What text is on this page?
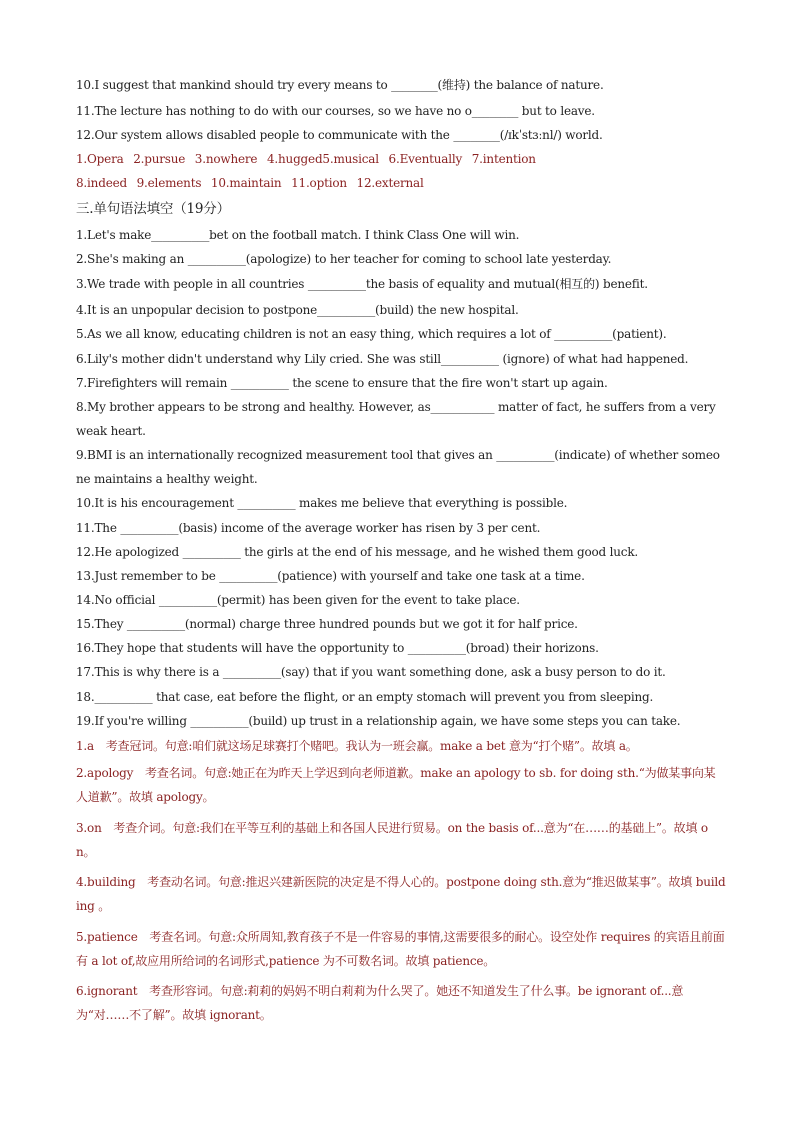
10.I suggest that mankind should try every means to ________(维持) the balance of nature.
11.The lecture has nothing to do with our courses, so we have no o________ but to leave.
12.Our system allows disabled people to communicate with the ________(/ɪkˈstɜːnl/) world.
1.Opera 2.pursue 3.nowhere 4.hugged5.musical 6.Eventually 7.intention
8.indeed 9.elements 10.maintain 11.option 12.external
三.单句语法填空（19分）
1.Let's make__________bet on the football match. I think Class One will win.
2.She's making an __________(apologize) to her teacher for coming to school late yesterday.
3.We trade with people in all countries __________the basis of equality and mutual(相互的) benefit.
4.It is an unpopular decision to postpone__________(build) the new hospital.
5.As we all know, educating children is not an easy thing, which requires a lot of __________(patient).
6.Lily's mother didn't understand why Lily cried. She was still__________ (ignore) of what had happened.
7.Firefighters will remain __________ the scene to ensure that the fire won't start up again.
8.My brother appears to be strong and healthy. However, as___________ matter of fact, he suffers from a very weak heart.
9.BMI is an internationally recognized measurement tool that gives an __________(indicate) of whether someone maintains a healthy weight.
10.It is his encouragement __________ makes me believe that everything is possible.
11.The __________(basis) income of the average worker has risen by 3 per cent.
12.He apologized __________ the girls at the end of his message, and he wished them good luck.
13.Just remember to be __________(patience) with yourself and take one task at a time.
14.No official __________(permit) has been given for the event to take place.
15.They __________(normal) charge three hundred pounds but we got it for half price.
16.They hope that students will have the opportunity to __________(broad) their horizons.
17.This is why there is a __________(say) that if you want something done, ask a busy person to do it.
18.__________ that case, eat before the flight, or an empty stomach will prevent you from sleeping.
19.If you're willing __________(build) up trust in a relationship again, we have some steps you can take.
1.a　考查冠词。句意:咱们就这场足球赛打个赌吧。我认为一班会赢。make a bet 意为“打个赌”。故填 a。
2.apology　考查名词。句意:她正在为昨天上学迟到向老师道歉。make an apology to sb. for doing sth.“为做某事向某人道歉”。故填 apology。
3.on　考查介词。句意:我们在平等互利的基础上和各国人民进行贸易。on the basis of...意为“在……的基础上”。故填 on。
4.building　考查动名词。句意:推迟兴建新医院的决定是不得人心的。postpone doing sth.意为“推迟做某事”。故填 building 。
5.patience　考查名词。句意:众所周知,教育孩子不是一件容易的事情,这需要很多的耐心。设空处作 requires 的宾语且前面有 a lot of,故应用所给词的名词形式,patience 为不可数名词。故填 patience。
6.ignorant　考查形容词。句意:莉莉的妈妈不明白莉莉为什么哭了。她还不知道发生了什么事。be ignorant of...意为“对……不了解”。故填 ignorant。
